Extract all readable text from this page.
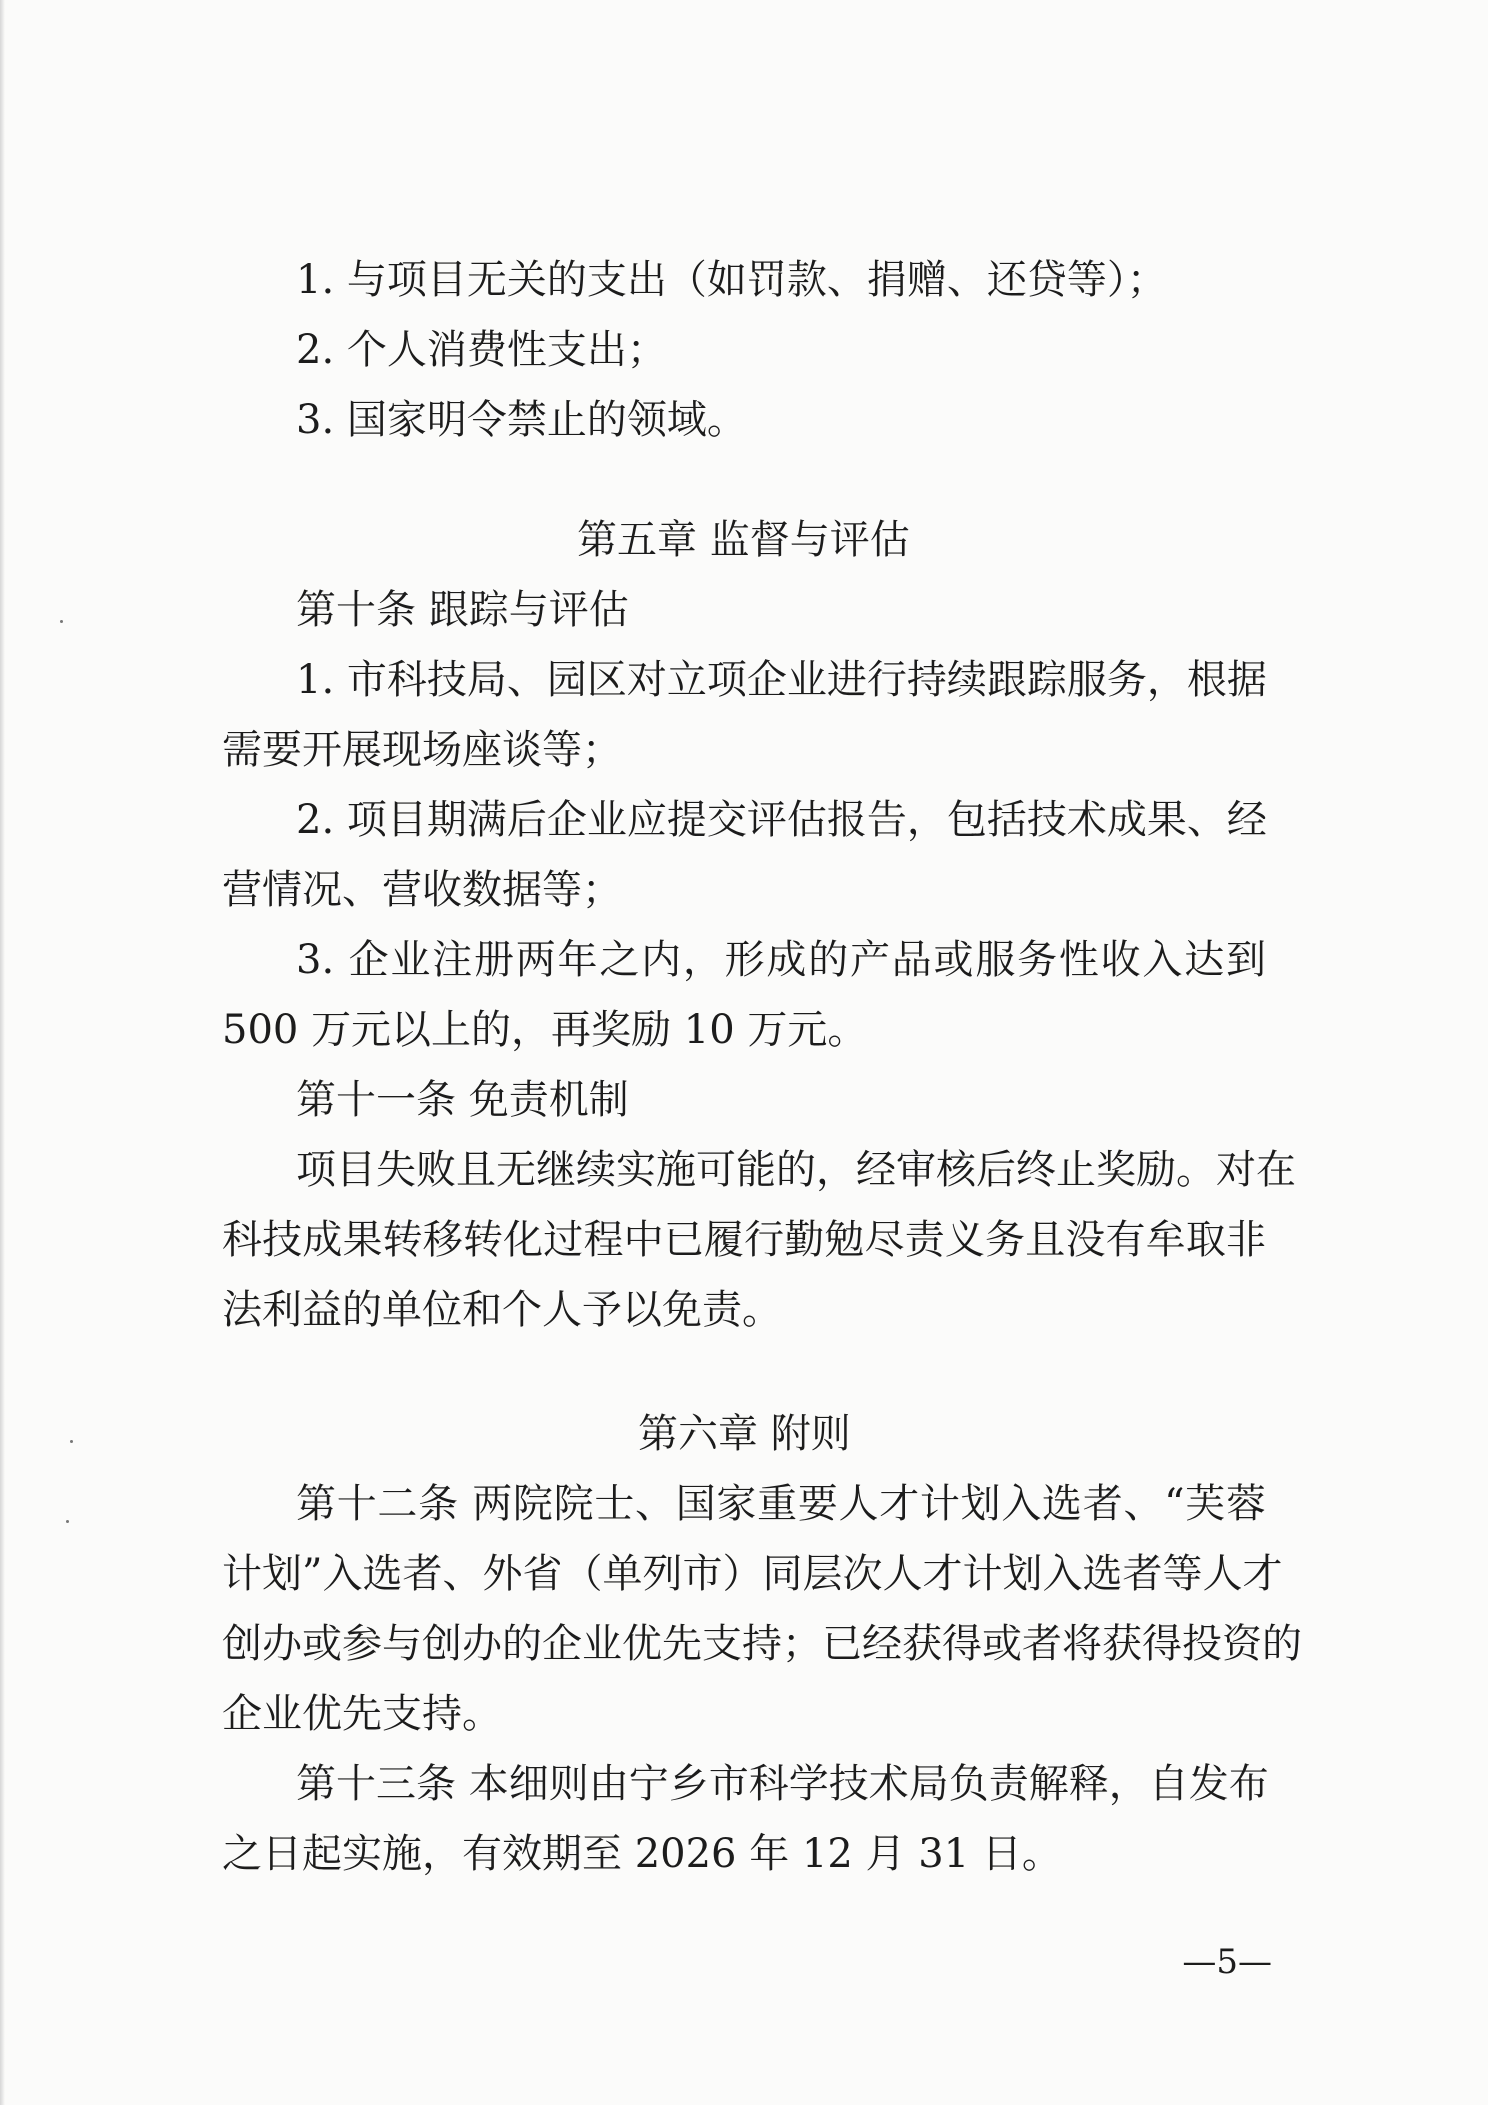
1. 与项目无关的支出（如罚款、捐赠、还贷等）；

2. 个人消费性支出；

3. 国家明令禁止的领域。

第五章 监督与评估

第十条 跟踪与评估

1. 市科技局、园区对立项企业进行持续跟踪服务，根据

需要开展现场座谈等；

2. 项目期满后企业应提交评估报告，包括技术成果、经

营情况、营收数据等；

3. 企业注册两年之内，形成的产品或服务性收入达到

500 万元以上的，再奖励 10 万元。

第十一条 免责机制

项目失败且无继续实施可能的，经审核后终止奖励。对在

科技成果转移转化过程中已履行勤勉尽责义务且没有牟取非

法利益的单位和个人予以免责。

第六章 附则

第十二条 两院院士、国家重要人才计划入选者、“芙蓉

计划”入选者、外省（单列市）同层次人才计划入选者等人才

创办或参与创办的企业优先支持；已经获得或者将获得投资的

企业优先支持。

第十三条 本细则由宁乡市科学技术局负责解释，自发布

之日起实施，有效期至 2026 年 12 月 31 日。

—5—
